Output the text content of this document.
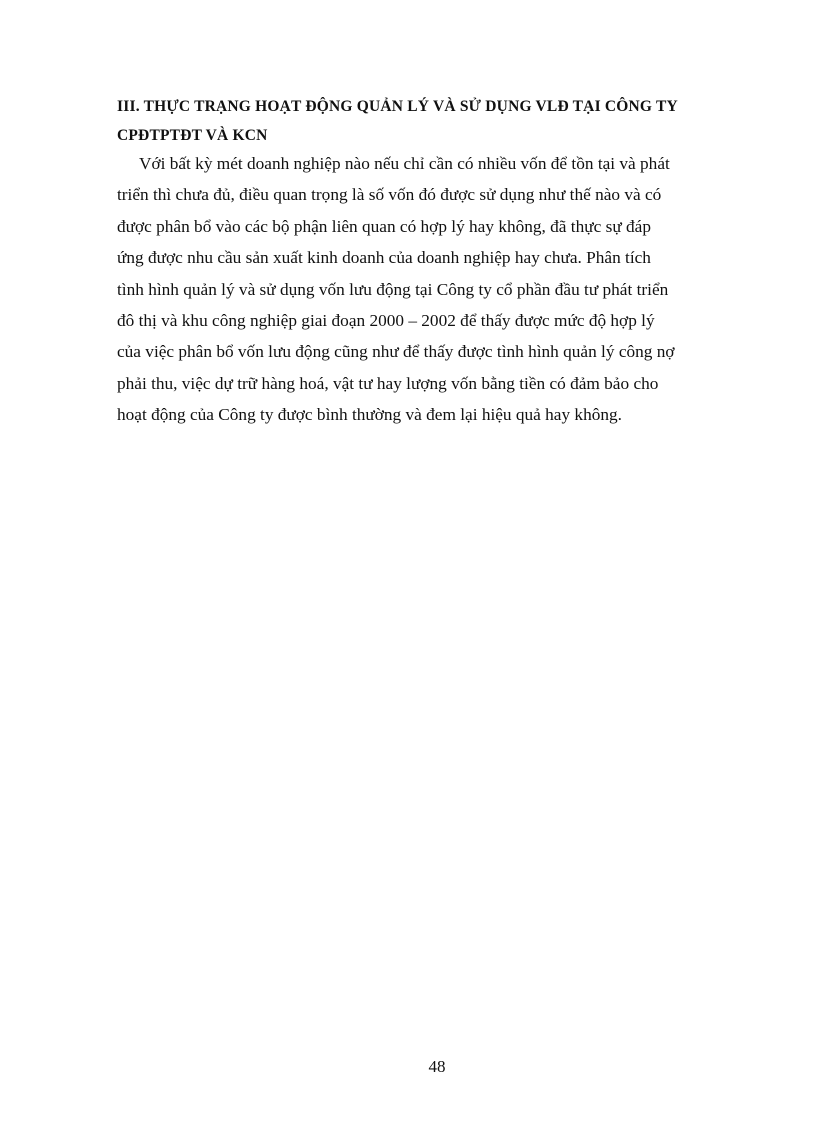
III. THỰC TRẠNG HOẠT ĐỘNG QUẢN LÝ VÀ SỬ DỤNG VLĐ TẠI CÔNG TY
CPĐTPTĐT VÀ KCN

Với bất kỳ mét doanh nghiệp nào nếu chỉ cần có nhiều vốn để tồn tại và phát
triển thì chưa đủ, điều quan trọng là số vốn đó được sử dụng như thế nào và có
được phân bổ vào các bộ phận liên quan có hợp lý hay không, đã thực sự đáp
ứng được nhu cầu sản xuất kinh doanh của doanh nghiệp hay chưa. Phân tích
tình hình quản lý và sử dụng vốn lưu động tại Công ty cổ phần đầu tư phát triển
đô thị và khu công nghiệp giai đoạn 2000 – 2002 để thấy được mức độ hợp lý
của việc phân bổ vốn lưu động cũng như để thấy được tình hình quản lý công nợ
phải thu, việc dự trữ hàng hoá, vật tư hay lượng vốn bằng tiền có đảm bảo cho
hoạt động của Công ty được bình thường và đem lại hiệu quả hay không.

48
